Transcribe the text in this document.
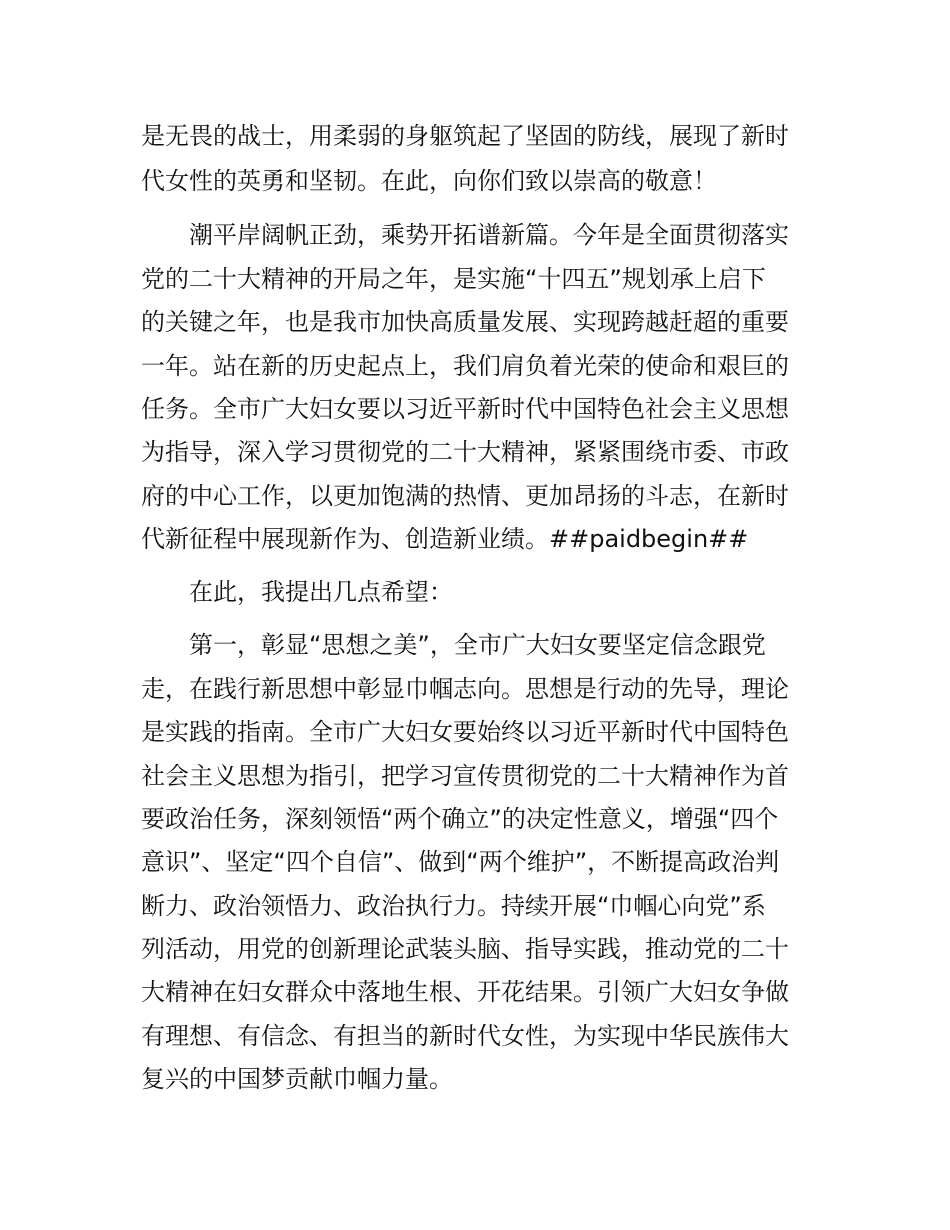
是无畏的战士，用柔弱的身躯筑起了坚固的防线，展现了新时
代女性的英勇和坚韧。在此，向你们致以崇高的敬意！
潮平岸阔帆正劲，乘势开拓谱新篇。今年是全面贯彻落实
党的二十大精神的开局之年，是实施“十四五”规划承上启下
的关键之年，也是我市加快高质量发展、实现跨越赶超的重要
一年。站在新的历史起点上，我们肩负着光荣的使命和艰巨的
任务。全市广大妇女要以习近平新时代中国特色社会主义思想
为指导，深入学习贯彻党的二十大精神，紧紧围绕市委、市政
府的中心工作，以更加饱满的热情、更加昂扬的斗志，在新时
代新征程中展现新作为、创造新业绩。##paidbegin##
在此，我提出几点希望：
第一，彰显“思想之美”，全市广大妇女要坚定信念跟党
走，在践行新思想中彰显巾帼志向。思想是行动的先导，理论
是实践的指南。全市广大妇女要始终以习近平新时代中国特色
社会主义思想为指引，把学习宣传贯彻党的二十大精神作为首
要政治任务，深刻领悟“两个确立”的决定性意义，增强“四个
意识”、坚定“四个自信”、做到“两个维护”，不断提高政治判
断力、政治领悟力、政治执行力。持续开展“巾帼心向党”系
列活动，用党的创新理论武装头脑、指导实践，推动党的二十
大精神在妇女群众中落地生根、开花结果。引领广大妇女争做
有理想、有信念、有担当的新时代女性，为实现中华民族伟大
复兴的中国梦贡献巾帼力量。
